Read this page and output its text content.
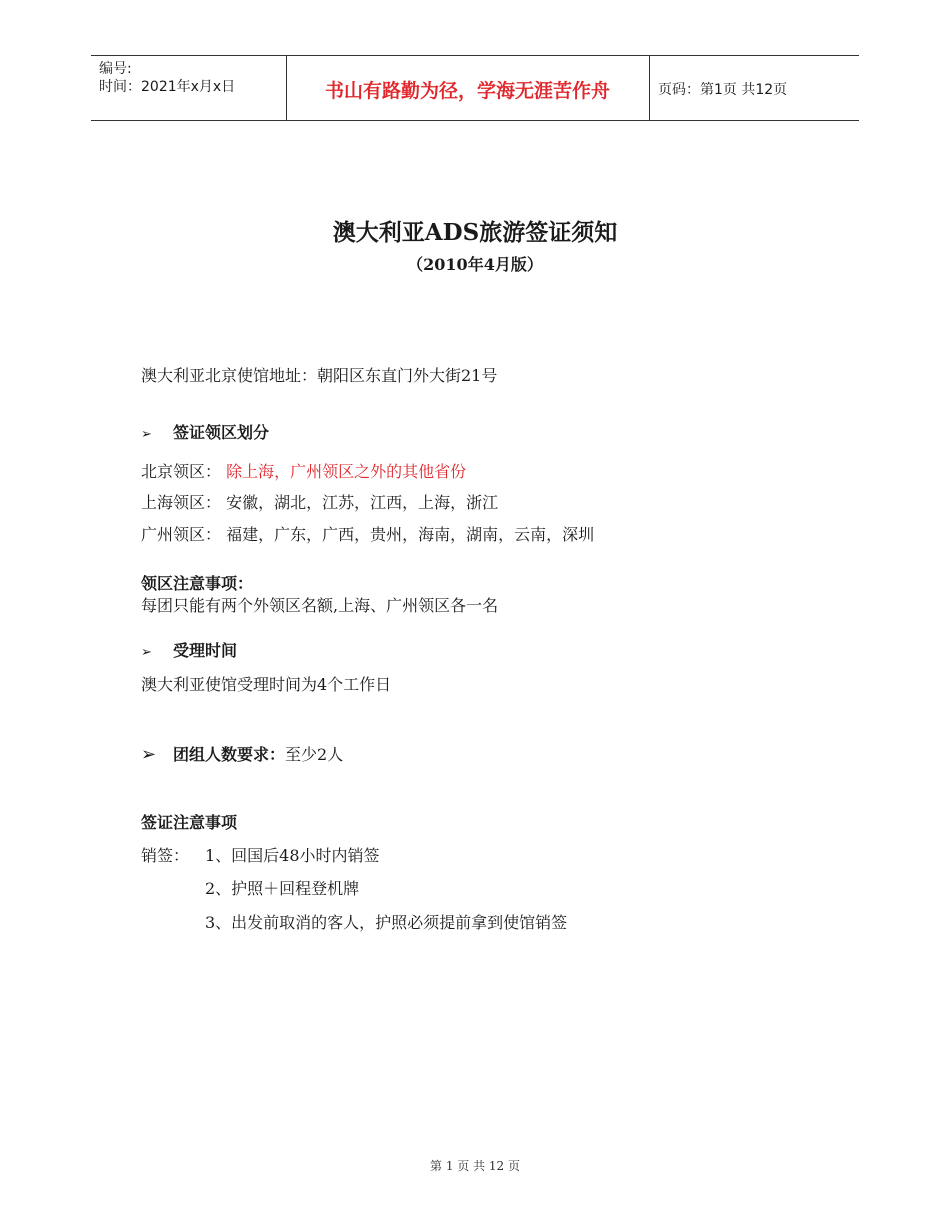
编号:
时间：2021年x月x日	书山有路勤为径，学海无涯苦作舟	页码：第1页 共12页
澳大利亚ADS旅游签证须知
（2010年4月版）
澳大利亚北京使馆地址：朝阳区东直门外大街21号
➢ 签证领区划分
北京领区： 除上海，广州领区之外的其他省份
上海领区： 安徽，湖北，江苏，江西，上海，浙江
广州领区： 福建，广东，广西，贵州，海南，湖南，云南，深圳
领区注意事项：
每团只能有两个外领区名额,上海、广州领区各一名
➢ 受理时间
澳大利亚使馆受理时间为4个工作日
➢ 团组人数要求：至少2人
签证注意事项
销签： 1、回国后48小时内销签
2、护照＋回程登机牌
3、出发前取消的客人，护照必须提前拿到使馆销签
第 1 页 共 12 页
